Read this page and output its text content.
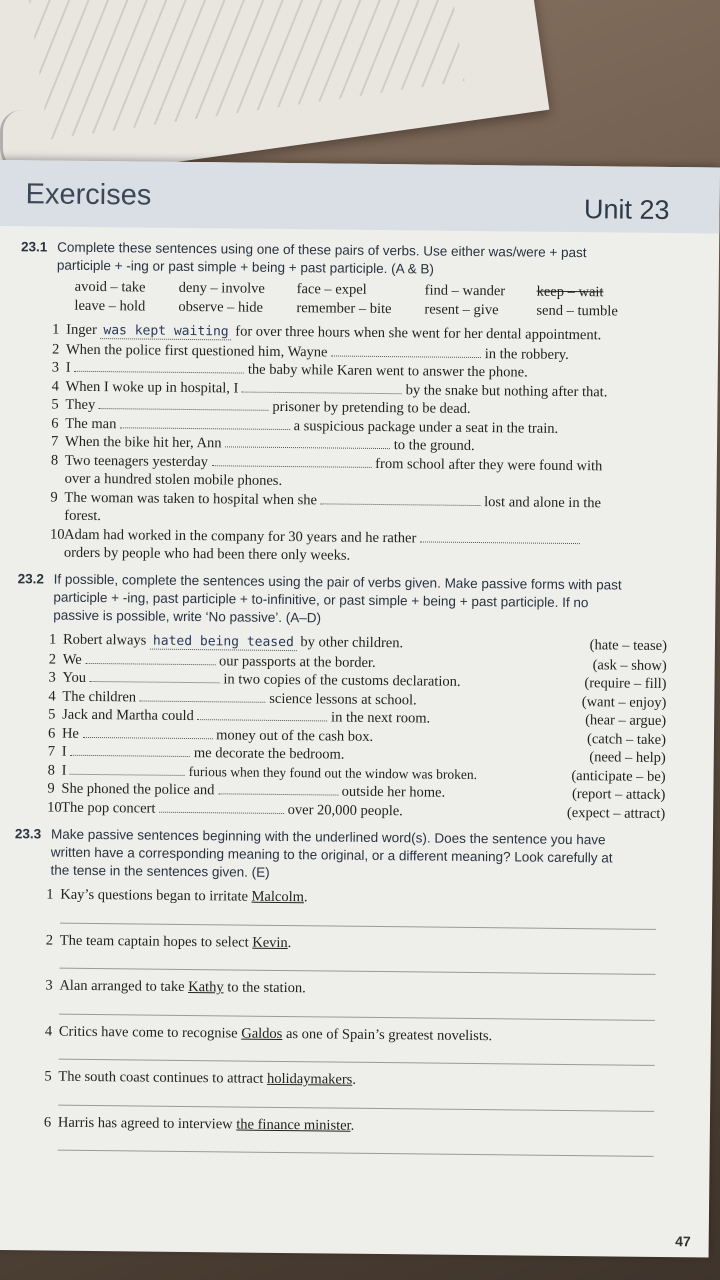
Exercises	Unit 23
23.1 Complete these sentences using one of these pairs of verbs. Use either was/were + past
participle + -ing or past simple + being + past participle. (A & B)
avoid – take	deny – involve	face – expel	find – wander	keep – wait
leave – hold	observe – hide	remember – bite	resent – give	send – tumble
1 Inger was kept waiting for over three hours when she went for her dental appointment.
2 When the police first questioned him, Wayne	in the robbery.
3 I	the baby while Karen went to answer the phone.
4 When I woke up in hospital, I	by the snake but nothing after that.
5 They	prisoner by pretending to be dead.
6 The man	a suspicious package under a seat in the train.
7 When the bike hit her, Ann	to the ground.
8 Two teenagers yesterday	from school after they were found with
over a hundred stolen mobile phones.
9 The woman was taken to hospital when she	lost and alone in the
forest.
10 Adam had worked in the company for 30 years and he rather
orders by people who had been there only weeks.
23.2 If possible, complete the sentences using the pair of verbs given. Make passive forms with past
participle + -ing, past participle + to-infinitive, or past simple + being + past participle. If no
passive is possible, write ‘No passive’. (A–D)
1 Robert always hated being teased by other children.	(hate – tease)
2 We	our passports at the border.	(ask – show)
3 You	in two copies of the customs declaration.	(require – fill)
4 The children	science lessons at school.	(want – enjoy)
5 Jack and Martha could	in the next room.	(hear – argue)
6 He	money out of the cash box.	(catch – take)
7 I	me decorate the bedroom.	(need – help)
8 I	furious when they found out the window was broken.	(anticipate – be)
9 She phoned the police and	outside her home.	(report – attack)
10 The pop concert	over 20,000 people.	(expect – attract)
23.3 Make passive sentences beginning with the underlined word(s). Does the sentence you have
written have a corresponding meaning to the original, or a different meaning? Look carefully at
the tense in the sentences given. (E)
1 Kay’s questions began to irritate Malcolm.
2 The team captain hopes to select Kevin.
3 Alan arranged to take Kathy to the station.
4 Critics have come to recognise Galdos as one of Spain’s greatest novelists.
5 The south coast continues to attract holidaymakers.
6 Harris has agreed to interview the finance minister.
47
